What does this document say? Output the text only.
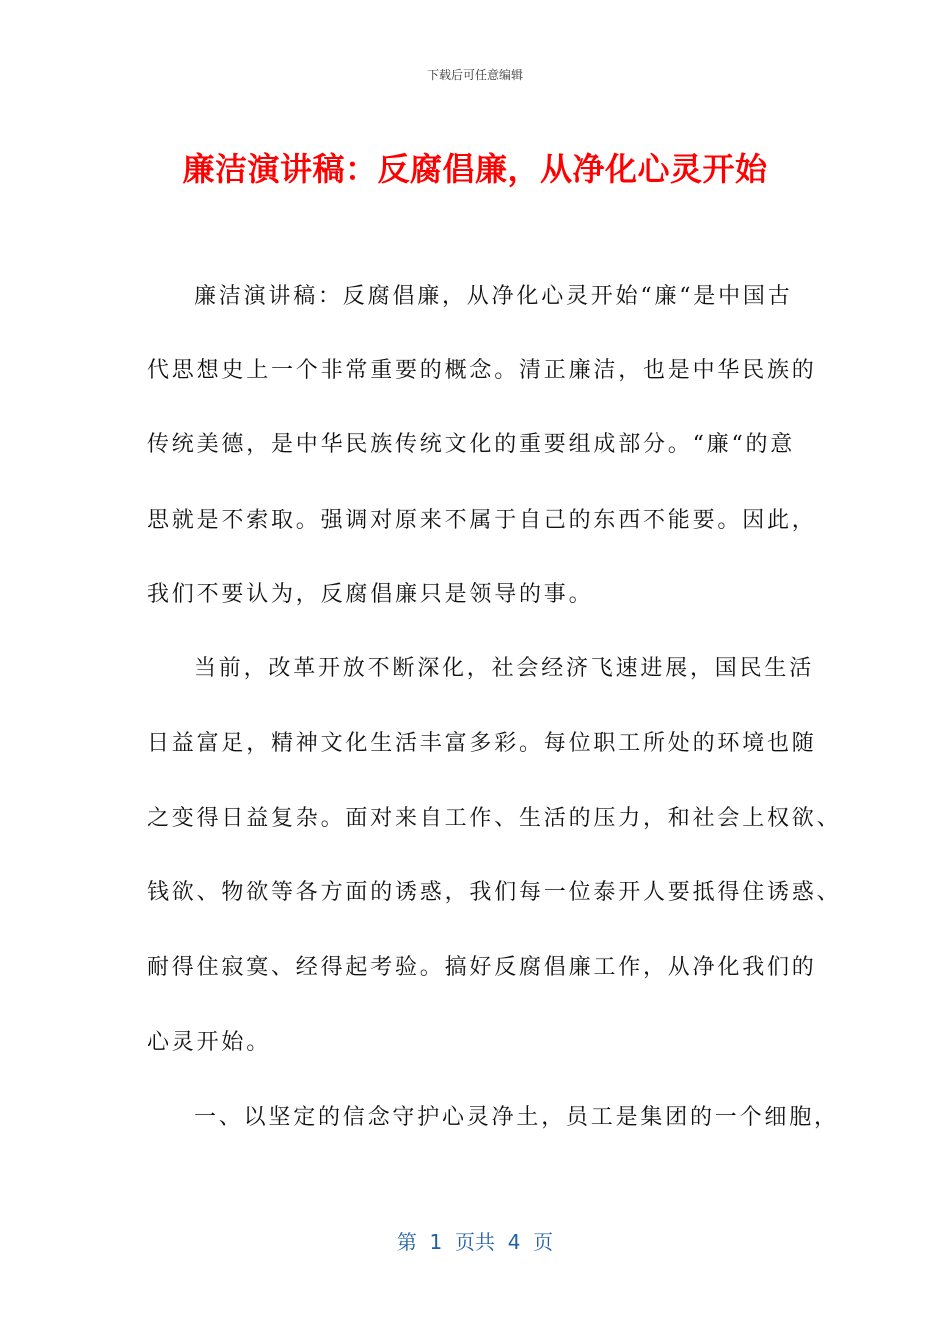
下载后可任意编辑
廉洁演讲稿：反腐倡廉，从净化心灵开始
廉洁演讲稿：反腐倡廉，从净化心灵开始“廉“是中国古
代思想史上一个非常重要的概念。清正廉洁，也是中华民族的
传统美德，是中华民族传统文化的重要组成部分。“廉“的意
思就是不索取。强调对原来不属于自己的东西不能要。因此，
我们不要认为，反腐倡廉只是领导的事。
当前，改革开放不断深化，社会经济飞速进展，国民生活
日益富足，精神文化生活丰富多彩。每位职工所处的环境也随
之变得日益复杂。面对来自工作、生活的压力，和社会上权欲、
钱欲、物欲等各方面的诱惑，我们每一位泰开人要抵得住诱惑、
耐得住寂寞、经得起考验。搞好反腐倡廉工作，从净化我们的
心灵开始。
一、以坚定的信念守护心灵净土，员工是集团的一个细胞，
第  1  页共  4  页
